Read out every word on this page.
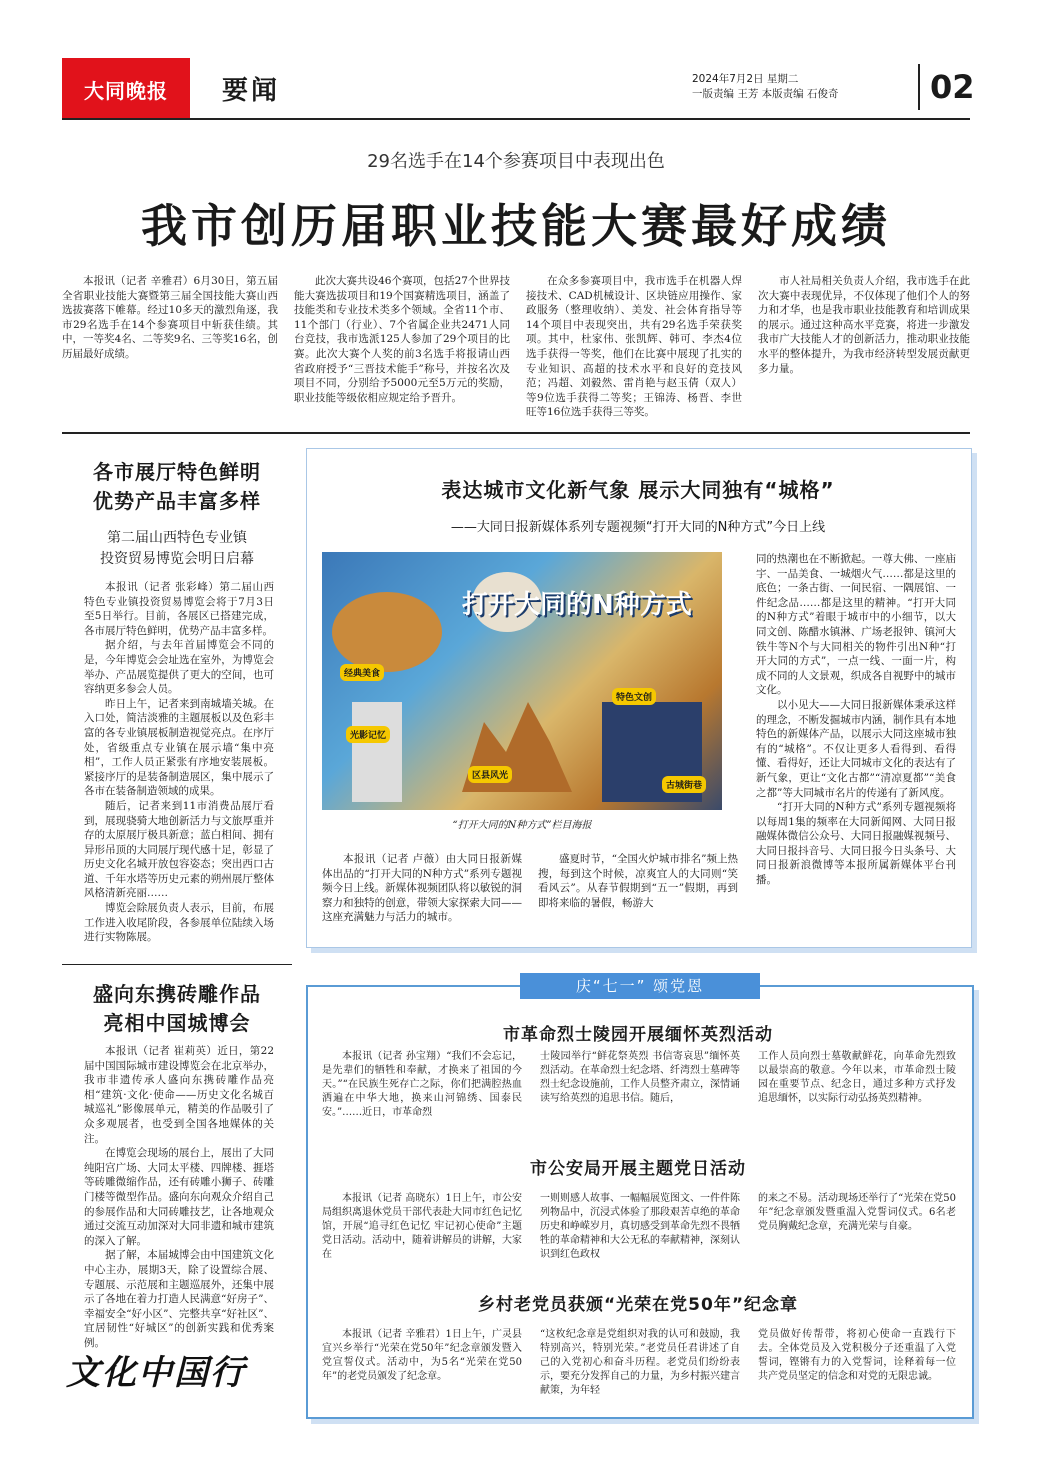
大同晚报 要闻	2024年7月2日 星期二
一版责编 王芳 本版责编 石俊奇	02
29名选手在14个参赛项目中表现出色
我市创历届职业技能大赛最好成绩

本报讯（记者 辛雅君）6月30日，第五届全省职业技能大赛暨第三届全国技能大赛山西选拔赛落下帷幕。经过10多天的激烈角逐，我市29名选手在14个参赛项目中斩获佳绩。其中，一等奖4名、二等奖9名、三等奖16名，创历届最好成绩。

此次大赛共设46个赛项，包括27个世界技能大赛选拔项目和19个国赛精选项目，涵盖了技能类和专业技术类多个领域。全省11个市、11个部门（行业）、7个省属企业共2471人同台竞技，我市选派125人参加了29个项目的比赛。此次大赛个人奖的前3名选手将报请山西省政府授予“三晋技术能手”称号，并按名次及项目不同，分别给予5000元至5万元的奖励，职业技能等级依相应规定给予晋升。

在众多参赛项目中，我市选手在机器人焊接技术、CAD机械设计、区块链应用操作、家政服务（整理收纳）、美发、社会体育指导等14个项目中表现突出，共有29名选手荣获奖项。其中，杜家伟、张凯辉、韩可、李杰4位选手获得一等奖，他们在比赛中展现了扎实的专业知识、高超的技术水平和良好的竞技风范；冯超、刘毅然、雷肖艳与赵玉倩（双人）等9位选手获得二等奖；王锦涛、杨晋、李世旺等16位选手获得三等奖。

市人社局相关负责人介绍，我市选手在此次大赛中表现优异，不仅体现了他们个人的努力和才华，也是我市职业技能教育和培训成果的展示。通过这种高水平竞赛，将进一步激发我市广大技能人才的创新活力，推动职业技能水平的整体提升，为我市经济转型发展贡献更多力量。

各市展厅特色鲜明
优势产品丰富多样
第二届山西特色专业镇
投资贸易博览会明日启幕

本报讯（记者 张彩峰）第二届山西特色专业镇投资贸易博览会将于7月3日至5日举行。目前，各展区已搭建完成，各市展厅特色鲜明，优势产品丰富多样。

据介绍，与去年首届博览会不同的是，今年博览会会址选在室外，为博览会举办、产品展览提供了更大的空间，也可容纳更多参会人员。

昨日上午，记者来到南城墙关城。在入口处，简洁淡雅的主题展板以及色彩丰富的各专业镇展板制造视觉亮点。在序厅处，省级重点专业镇在展示墙“集中亮相”，工作人员正紧张有序地安装展板。紧接序厅的是装备制造展区，集中展示了各市在装备制造领域的成果。

随后，记者来到11市消费品展厅看到，展现骁骑大地创新活力与文旅厚重并存的太原展厅极具新意；蓝白相间、拥有异形吊顶的大同展厅现代感十足，彰显了历史文化名城开放包容姿态；突出西口古道、千年水塔等历史元素的朔州展厅整体风格清新亮丽……

博览会除展负责人表示，目前，布展工作进入收尾阶段，各参展单位陆续入场进行实物陈展。

盛向东携砖雕作品
亮相中国城博会

本报讯（记者 崔莉英）近日，第22届中国国际城市建设博览会在北京举办，我市非遗传承人盛向东携砖雕作品亮相“建筑·文化·使命——历史文化名城百城巡礼”影像展单元，精美的作品吸引了众多观展者，也受到全国各地媒体的关注。

在博览会现场的展台上，展出了大同纯阳宫广场、大同太平楼、四牌楼、捱塔等砖雕微缩作品，还有砖雕小狮子、砖雕门楼等微型作品。盛向东向观众介绍自己的参展作品和大同砖雕技艺，让各地观众通过交流互动加深对大同非遗和城市建筑的深入了解。

据了解，本届城博会由中国建筑文化中心主办，展期3天，除了设置综合展、专题展、示范展和主题巡展外，还集中展示了各地在着力打造人民满意“好房子”、幸福安全“好小区”、完整共享“好社区”、宜居韧性“好城区”的创新实践和优秀案例。

文化中国行
表达城市文化新气象 展示大同独有“城格”
——大同日报新媒体系列专题视频“打开大同的N种方式”今日上线
打开大同的N种方式
经典美食
光影记忆
区县风光
特色文创
古城街巷
“打开大同的N种方式”栏目海报

同的热潮也在不断掀起。一尊大佛、一座庙宇、一品美食、一城烟火气……都是这里的底色；一条古街、一间民宿、一隅展馆、一件纪念品……都是这里的精神。“打开大同的N种方式”着眼于城市中的小细节，以大同文创、陈醋水镇淋、广场老报钟、镇河大铁牛等N个与大同相关的物件引出N种“打开大同的方式”，一点一线、一面一片，构成不同的人文景观，织成各自视野中的城市文化。

以小见大——大同日报新媒体秉承这样的理念，不断发掘城市内涵，制作具有本地特色的新媒体产品，以展示大同这座城市独有的“城格”。不仅让更多人看得到、看得懂、看得好，还让大同城市文化的表达有了新气象，更让“文化古都”“清凉夏都”“美食之都”等大同城市名片的传递有了新风度。

“打开大同的N种方式”系列专题视频将以每周1集的频率在大同新闻网、大同日报融媒体微信公众号、大同日报融媒视频号、大同日报抖音号、大同日报今日头条号、大同日报新浪微博等本报所属新媒体平台刊播。

本报讯（记者 卢薇）由大同日报新媒体出品的“打开大同的N种方式”系列专题视频今日上线。新媒体视频团队将以敏锐的洞察力和独特的创意，带领大家探索大同——这座充满魅力与活力的城市。

盛夏时节，“全国火炉城市排名”频上热搜，每到这个时候，凉爽宜人的大同则“笑看风云”。从春节假期到“五一”假期，再到即将来临的暑假，畅游大

庆“七一” 颂党恩
市革命烈士陵园开展缅怀英烈活动

本报讯（记者 孙宝翔）“我们不会忘记，是先辈们的牺牲和奉献，才换来了祖国的今天。”“在民族生死存亡之际，你们把满腔热血洒遍在中华大地，换来山河锦绣、国泰民安。”……近日，市革命烈

士陵园举行“鲜花祭英烈 书信寄哀思”缅怀英烈活动。在革命烈士纪念塔、纤湾烈士墓碑等烈士纪念设施前，工作人员整齐肃立，深情诵读写给英烈的追思书信。随后，

工作人员向烈士墓敬献鲜花，向革命先烈致以最崇高的敬意。今年以来，市革命烈士陵园在重要节点、纪念日，通过多种方式抒发追思缅怀，以实际行动弘扬英烈精神。

市公安局开展主题党日活动

本报讯（记者 高晓东）1日上午，市公安局组织离退休党员干部代表赴大同市红色记忆馆，开展“追寻红色记忆 牢记初心使命”主题党日活动。活动中，随着讲解员的讲解，大家在

一则则感人故事、一幅幅展览图文、一件件陈列物品中，沉浸式体验了那段艰苦卓绝的革命历史和峥嵘岁月，真切感受到革命先烈不畏牺牲的革命精神和大公无私的奉献精神，深刻认识到红色政权

的来之不易。活动现场还举行了“光荣在党50年”纪念章颁发暨重温入党誓词仪式。6名老党员胸戴纪念章，充满光荣与自豪。

乡村老党员获颁“光荣在党50年”纪念章

本报讯（记者 辛雅君）1日上午，广灵县宜兴乡举行“光荣在党50年”纪念章颁发暨入党宣誓仪式。活动中，为5名“光荣在党50年”的老党员颁发了纪念章。

“这枚纪念章是党组织对我的认可和鼓励，我特别高兴，特别光荣。”老党员任君讲述了自己的入党初心和奋斗历程。老党员们纷纷表示，要充分发挥自己的力量，为乡村振兴建言献策，为年轻

党员做好传帮带，将初心使命一直践行下去。全体党员及入党积极分子还重温了入党誓词，铿锵有力的入党誓词，诠释着每一位共产党员坚定的信念和对党的无限忠诚。
